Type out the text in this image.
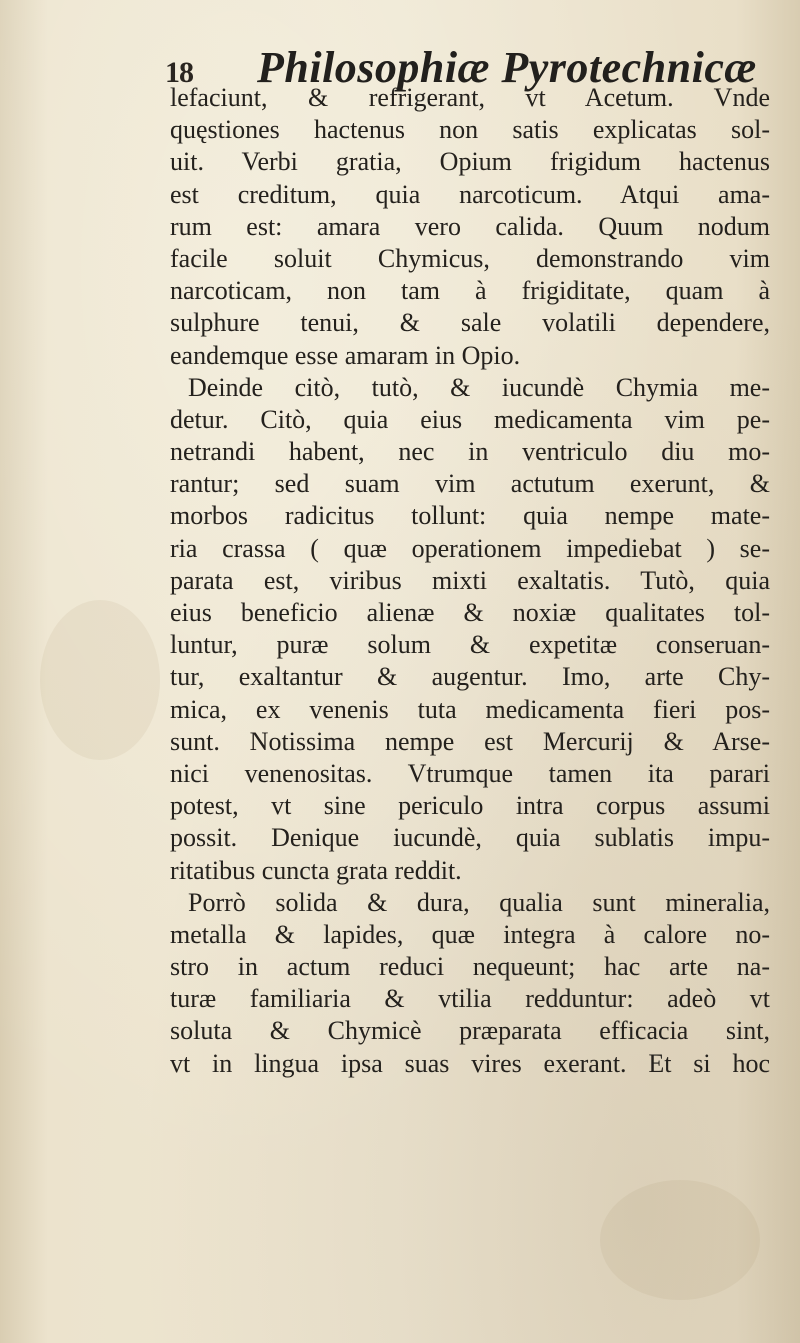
18 Philosophiæ Pyrotechnicæ
lefaciunt, & refrigerant, vt Acetum. Vnde
quęstiones hactenus non satis explicatas sol-
uit. Verbi gratia, Opium frigidum hactenus
est creditum, quia narcoticum. Atqui ama-
rum est: amara vero calida. Quum nodum
facile soluit Chymicus, demonstrando vim
narcoticam, non tam à frigiditate, quam à
sulphure tenui, & sale volatili dependere,
eandemque esse amaram in Opio.
Deinde citò, tutò, & iucundè Chymia me-
detur. Citò, quia eius medicamenta vim pe-
netrandi habent, nec in ventriculo diu mo-
rantur; sed suam vim actutum exerunt, &
morbos radicitus tollunt: quia nempe mate-
ria crassa ( quæ operationem impediebat ) se-
parata est, viribus mixti exaltatis. Tutò, quia
eius beneficio alienæ & noxiæ qualitates tol-
luntur, puræ solum & expetitæ conseruan-
tur, exaltantur & augentur. Imo, arte Chy-
mica, ex venenis tuta medicamenta fieri pos-
sunt. Notissima nempe est Mercurij & Arse-
nici venenositas. Vtrumque tamen ita parari
potest, vt sine periculo intra corpus assumi
possit. Denique iucundè, quia sublatis impu-
ritatibus cuncta grata reddit.
Porrò solida & dura, qualia sunt mineralia,
metalla & lapides, quæ integra à calore no-
stro in actum reduci nequeunt; hac arte na-
turæ familiaria & vtilia redduntur: adeò vt
soluta & Chymicè præparata efficacia sint,
vt in lingua ipsa suas vires exerant. Et si hoc
